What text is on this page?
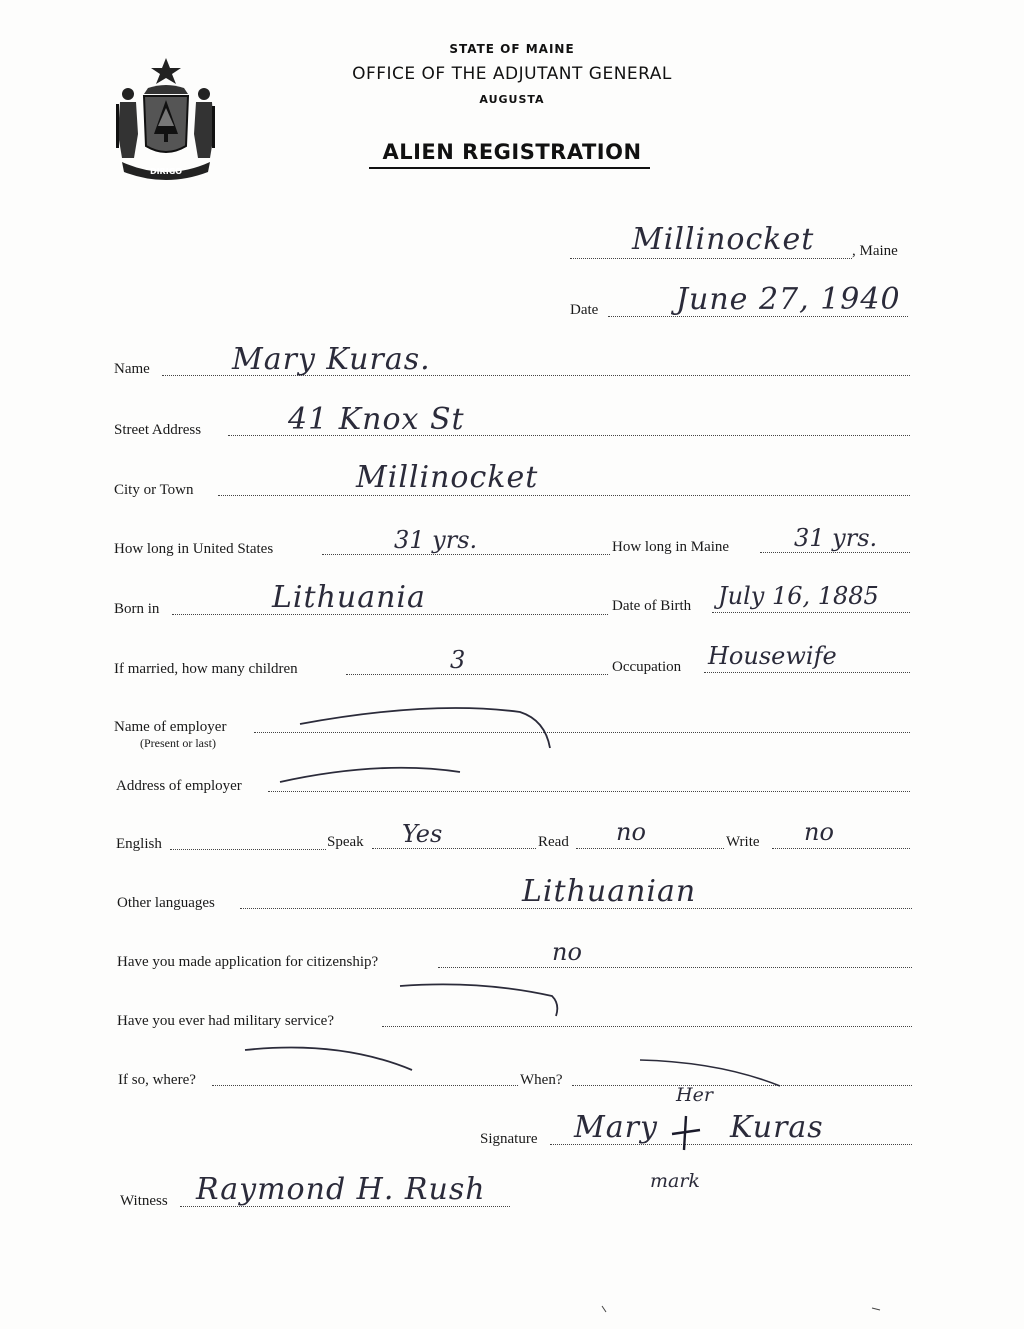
DIRIGO
STATE OF MAINE
OFFICE OF THE ADJUTANT GENERAL
AUGUSTA
ALIEN REGISTRATION
Millinocket	, Maine
Date	June 27, 1940
Name	Mary Kuras.
Street Address	41 Knox St
City or Town	Millinocket
How long in United States	31 yrs.	How long in Maine	31 yrs.
Born in	Lithuania	Date of Birth July 16, 1885
If married, how many children	3	Occupation Housewife
Name of employer
(Present or last)
Address of employer
English	Speak Yes	Read no	Write no
Other languages	Lithuanian
Have you made application for citizenship?	no
Have you ever had military service?
If so, where?	When?
Signature Mary Kuras
Her
mark
Witness Raymond H. Rush
